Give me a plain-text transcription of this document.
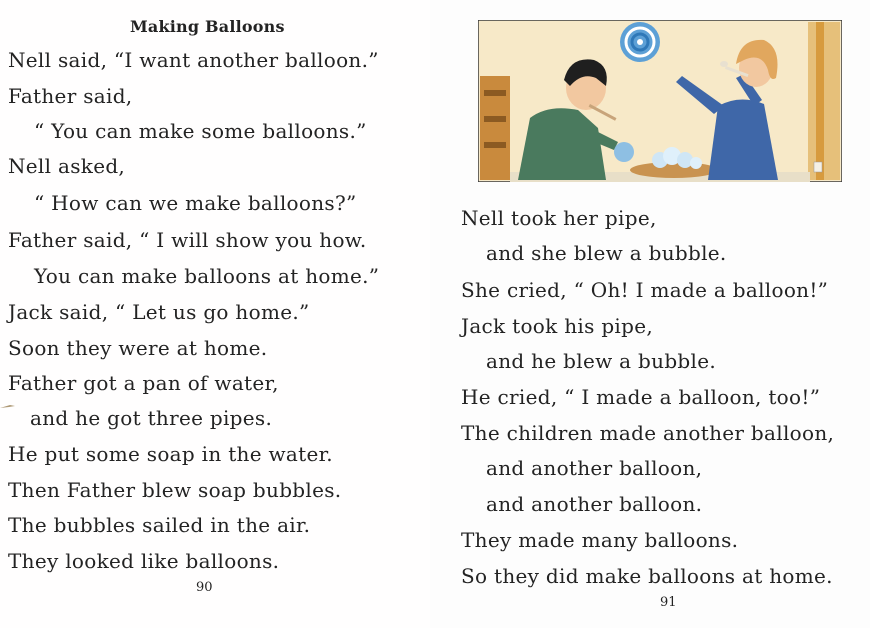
Making Balloons
Nell said, “I want another balloon.”
Father said,
“ You can make some balloons.”
Nell asked,
“ How can we make balloons?”
Father said, “ I will show you how.
You can make balloons at home.”
Jack said, “ Let us go home.”
Soon they were at home.
Father got a pan of water,
and he got three pipes.
He put some soap in the water.
Then Father blew soap bubbles.
The bubbles sailed in the air.
They looked like balloons.
90
Nell took her pipe,
and she blew a bubble.
She cried, “ Oh! I made a balloon!”
Jack took his pipe,
and he blew a bubble.
He cried, “ I made a balloon, too!”
The children made another balloon,
and another balloon,
and another balloon.
They made many balloons.
So they did make balloons at home.
91
